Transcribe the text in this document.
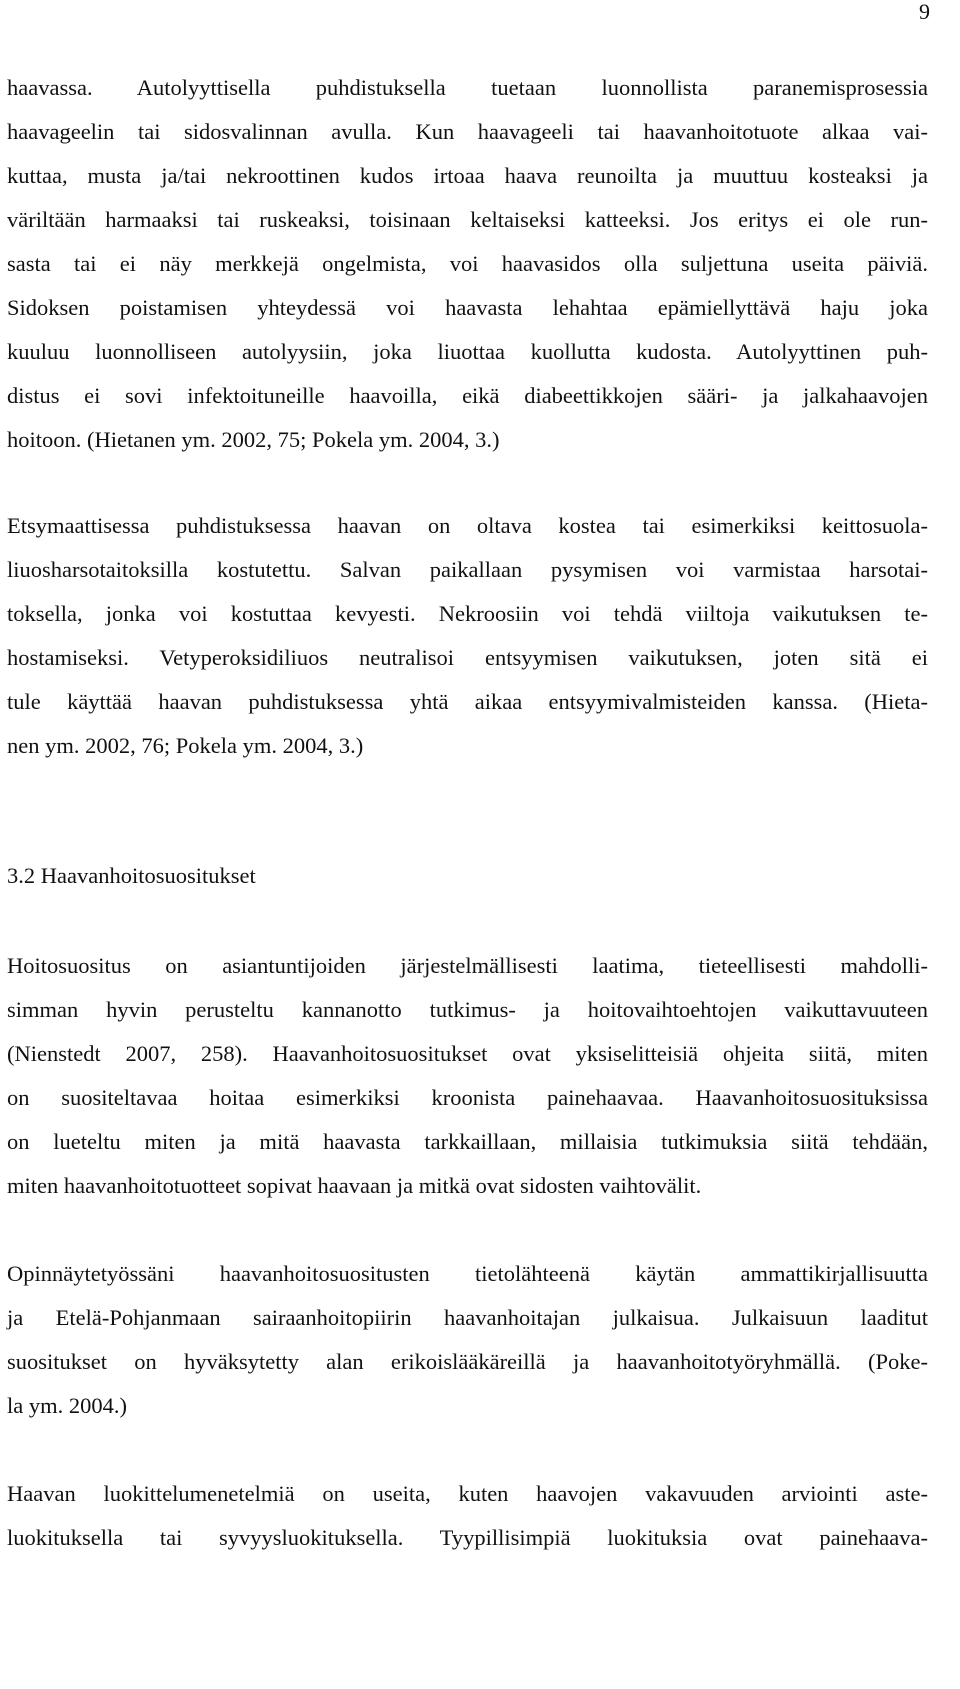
9
haavassa. Autolyyttisella puhdistuksella tuetaan luonnollista paranemisprosessia
haavageelin tai sidosvalinnan avulla. Kun haavageeli tai haavanhoitotuote alkaa vai-
kuttaa, musta ja/tai nekroottinen kudos irtoaa haava reunoilta ja muuttuu kosteaksi ja
väriltään harmaaksi tai ruskeaksi, toisinaan keltaiseksi katteeksi. Jos eritys ei ole run-
sasta tai ei näy merkkejä ongelmista, voi haavasidos olla suljettuna useita päiviä.
Sidoksen poistamisen yhteydessä voi haavasta lehahtaa epämiellyttävä haju joka
kuuluu luonnolliseen autolyysiin, joka liuottaa kuollutta kudosta. Autolyyttinen puh-
distus ei sovi infektoituneille haavoilla, eikä diabeettikkojen sääri- ja jalkahaavojen
hoitoon. (Hietanen ym. 2002, 75; Pokela ym. 2004, 3.)
Etsymaattisessa puhdistuksessa haavan on oltava kostea tai esimerkiksi keittosuola-
liuosharsotaitoksilla kostutettu. Salvan paikallaan pysymisen voi varmistaa harsotai-
toksella, jonka voi kostuttaa kevyesti. Nekroosiin voi tehdä viiltoja vaikutuksen te-
hostamiseksi. Vetyperoksidiliuos neutralisoi entsyymisen vaikutuksen, joten sitä ei
tule käyttää haavan puhdistuksessa yhtä aikaa entsyymivalmisteiden kanssa. (Hieta-
nen ym. 2002, 76; Pokela ym. 2004, 3.)
3.2 Haavanhoitosuositukset
Hoitosuositus on asiantuntijoiden järjestelmällisesti laatima, tieteellisesti mahdolli-
simman hyvin perusteltu kannanotto tutkimus- ja hoitovaihtoehtojen vaikuttavuuteen
(Nienstedt 2007, 258). Haavanhoitosuositukset ovat yksiselitteisiä ohjeita siitä, miten
on suositeltavaa hoitaa esimerkiksi kroonista painehaavaa. Haavanhoitosuosituksissa
on lueteltu miten ja mitä haavasta tarkkaillaan, millaisia tutkimuksia siitä tehdään,
miten haavanhoitotuotteet sopivat haavaan ja mitkä ovat sidosten vaihtovälit.
Opinnäytetyössäni haavanhoitosuositusten tietolähteenä käytän ammattikirjallisuutta
ja Etelä-Pohjanmaan sairaanhoitopiirin haavanhoitajan julkaisua. Julkaisuun laaditut
suositukset on hyväksytetty alan erikoislääkäreillä ja haavanhoitotyöryhmällä. (Poke-
la ym. 2004.)
Haavan luokittelumenetelmiä on useita, kuten haavojen vakavuuden arviointi aste-
luokituksella tai syvyysluokituksella. Tyypillisimpiä luokituksia ovat painehaava-
